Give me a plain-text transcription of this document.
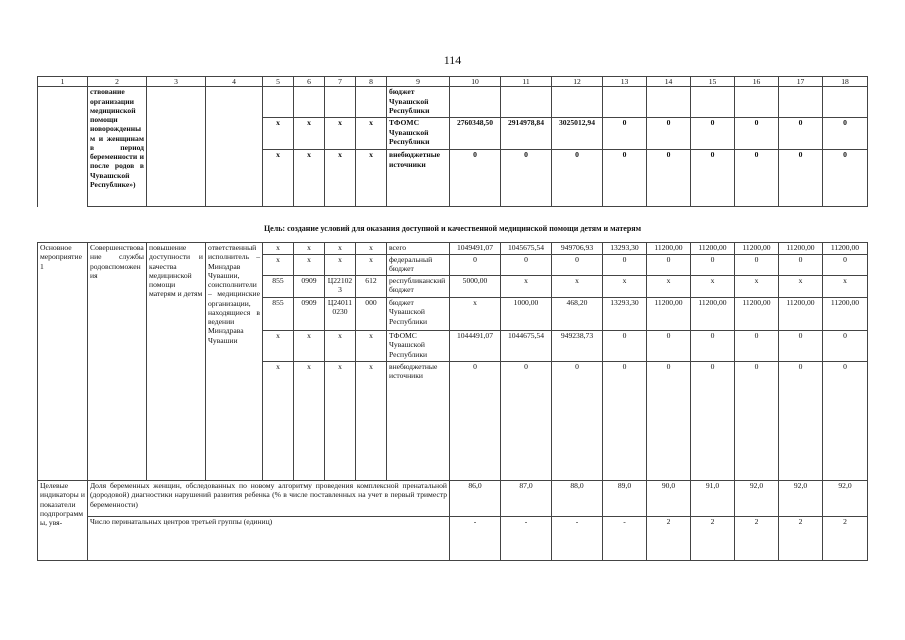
114
1	2	3	4	5	6	7	8	9	10	11	12	13	14	15	16	17	18
	ствование организации медицинской помощи новорожденным и женщинам в период беременности и после родов в Чувашской Республике»)							бюджет Чувашской Республики									
				x	x	x	x	ТФОМС Чувашской Республики	2760348,50	2914978,84	3025012,94	0	0	0	0	0	0
				x	x	x	x	внебюджетные источники	0	0	0	0	0	0	0	0	0
Цель: создание условий для оказания доступной и качественной медицинской помощи детям и матерям
Основное мероприятие 1	Совершенствование службы родовспоможения	повышение доступности и качества медицинской помощи матерям и детям	ответственный исполнитель – Минздрав Чувашии, соисполнители – медицинские организации, находящиеся в ведении Минздрава Чувашии	x	x	x	x	всего	1049491,07	1045675,54	949706,93	13293,30	11200,00	11200,00	11200,00	11200,00	11200,00
				x	x	x	x	федеральный бюджет	0	0	0	0	0	0	0	0	0
				855	0909	Ц221023	612	республиканский бюджет	5000,00	x	x	x	x	x	x	x	x
				855	0909	Ц240110230	000	бюджет Чувашской Республики	x	1000,00	468,20	13293,30	11200,00	11200,00	11200,00	11200,00	11200,00
				x	x	x	x	ТФОМС Чувашской Республики	1044491,07	1044675,54	949238,73	0	0	0	0	0	0
				x	x	x	x	внебюджетные источники	0	0	0	0	0	0	0	0	0
Целевые индикаторы и показатели подпрограммы, увя-	Доля беременных женщин, обследованных по новому алгоритму проведения комплексной пренатальной (дородовой) диагностики нарушений развития ребенка (% в числе поставленных на учет в первый триместр беременности)								86,0	87,0	88,0	89,0	90,0	91,0	92,0	92,0	92,0
	Число перинатальных центров третьей группы (единиц)								-	-	-	-	2	2	2	2	2
